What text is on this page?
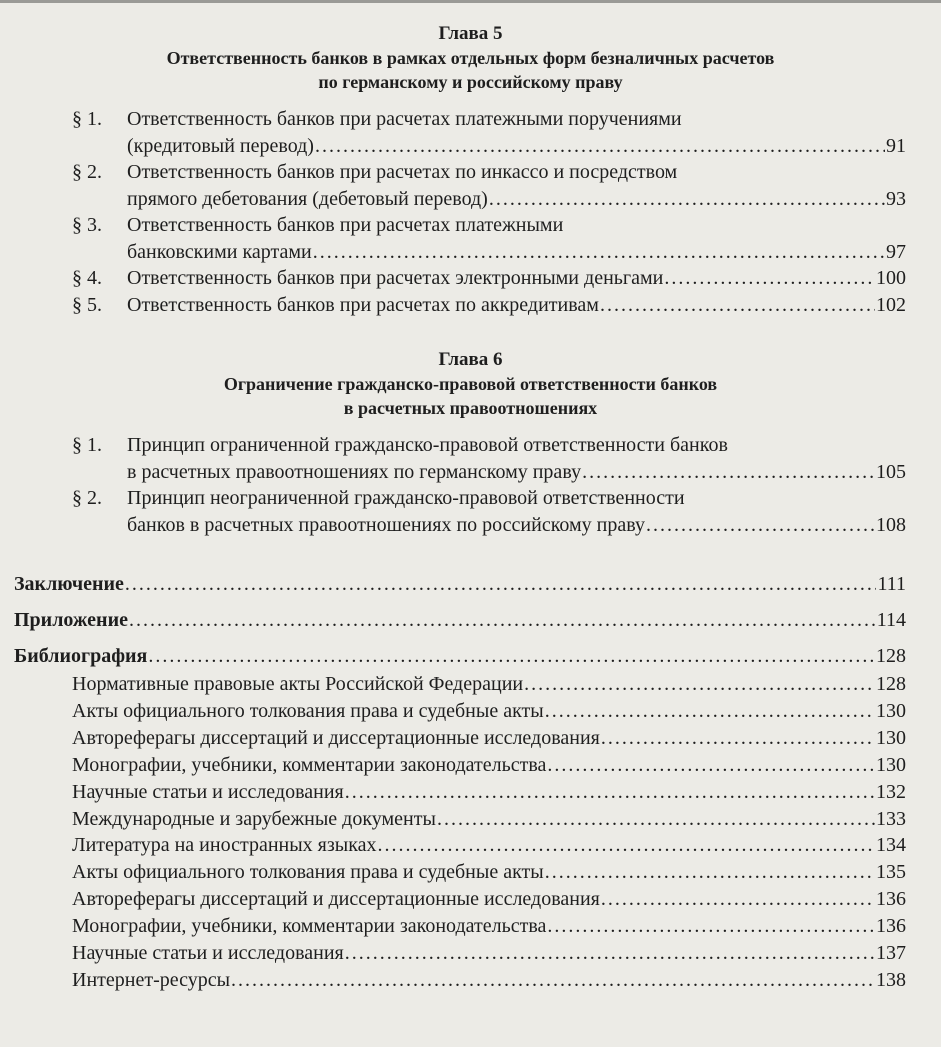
Глава 5
Ответственность банков в рамках отдельных форм безналичных расчетов
по германскому и российскому праву
§ 1. Ответственность банков при расчетах платежными поручениями
(кредитовый перевод) . . .	91
§ 2. Ответственность банков при расчетах по инкассо и посредством
прямого дебетования (дебетовый перевод) . . .	93
§ 3. Ответственность банков при расчетах платежными
банковскими картами . . .	97
§ 4. Ответственность банков при расчетах электронными деньгами . . .	100
§ 5. Ответственность банков при расчетах по аккредитивам . . .	102
Глава 6
Ограничение гражданско-правовой ответственности банков
в расчетных правоотношениях
§ 1. Принцип ограниченной гражданско-правовой ответственности банков
в расчетных правоотношениях по германскому праву . . .	105
§ 2. Принцип неограниченной гражданско-правовой ответственности
банков в расчетных правоотношениях по российскому праву . . .	108
Заключение . . .	111
Приложение . . .	114
Библиография . . .	128
Нормативные правовые акты Российской Федерации . . .	128
Акты официального толкования права и судебные акты . . .	130
Автореферагы диссертаций и диссертационные исследования . . .	130
Монографии, учебники, комментарии законодательства . . .	130
Научные статьи и исследования . . .	132
Международные и зарубежные документы . . .	133
Литература на иностранных языках . . .	134
Акты официального толкования права и судебные акты . . .	135
Автореферагы диссертаций и диссертационные исследования . . .	136
Монографии, учебники, комментарии законодательства . . .	136
Научные статьи и исследования . . .	137
Интернет-ресурсы . . .	138
